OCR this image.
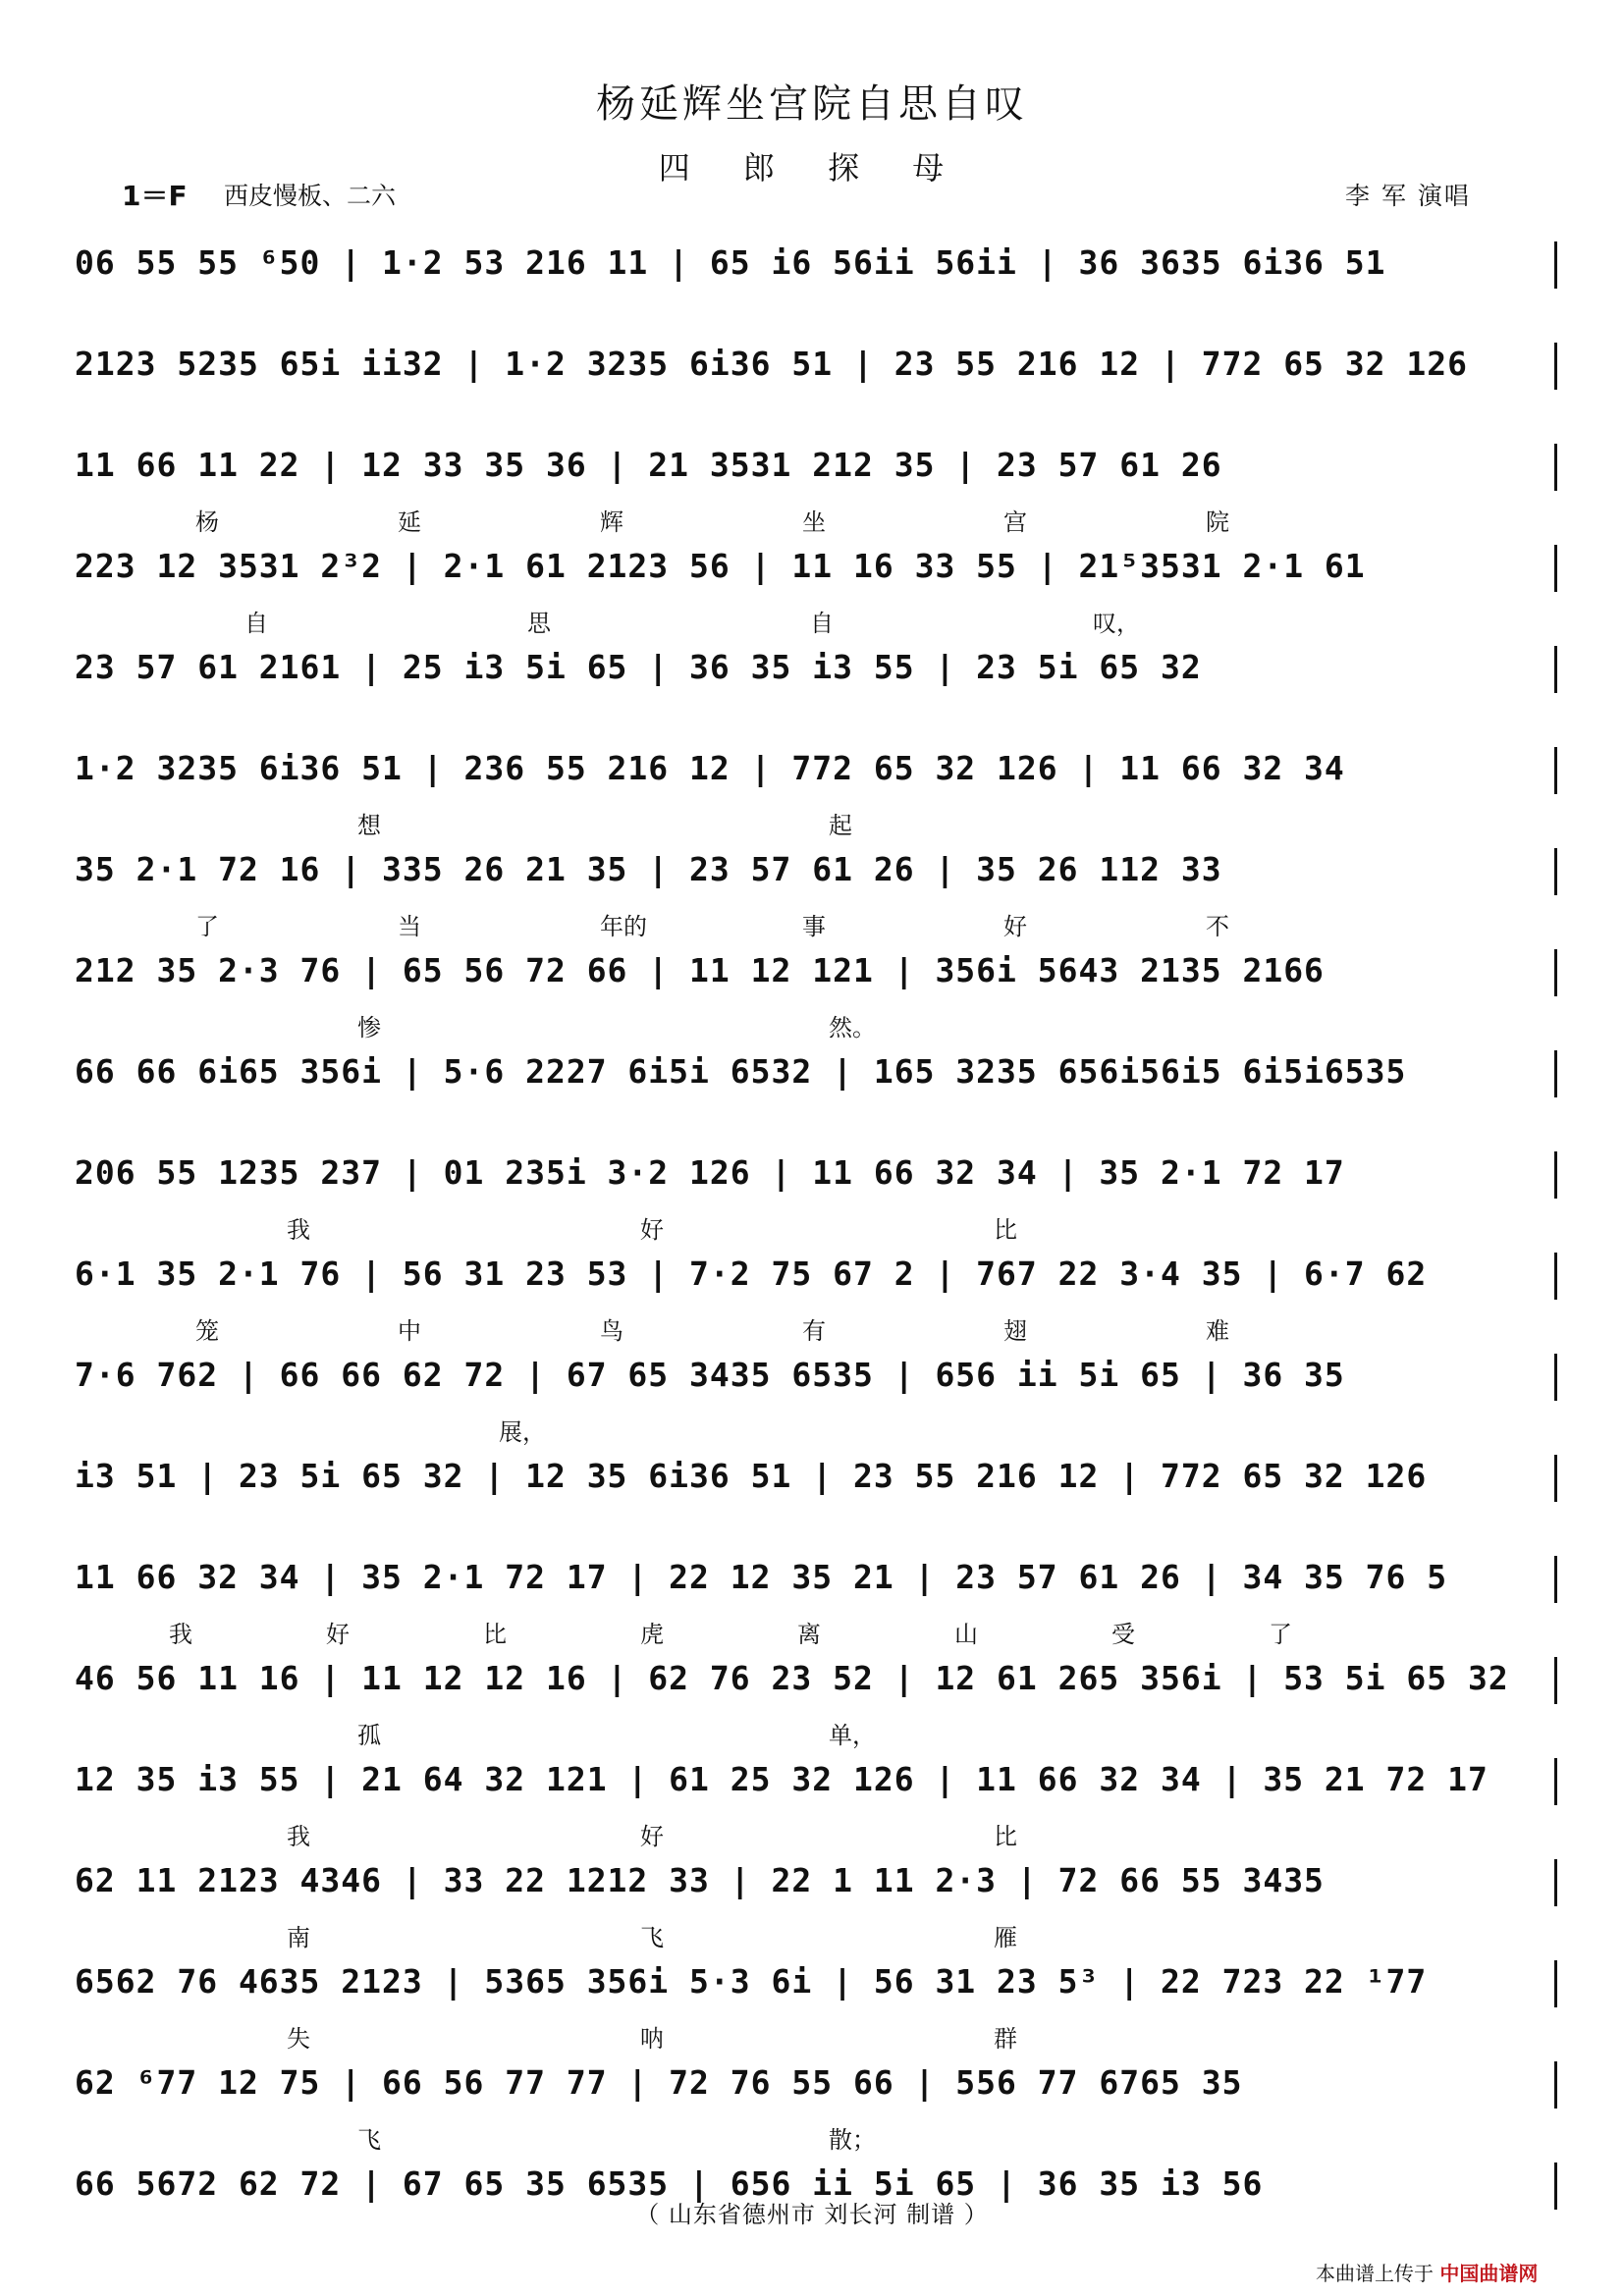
杨延辉坐宫院自思自叹
四 郎 探 母
1＝F 西皮慢板、二六	李 军 演唱
06 55 55 ⁶50 | 1·2 53 216 11 | 65 i6 56ii 56ii | 36 3635 6i36 51
2123 5235 65i ii32 | 1·2 3235 6i36 51 | 23 55 216 12 | 772 65 32 126
11 66 11 22 | 12 33 35 36 | 21 3531 212 35 | 23 57 61 26
杨	延	辉	坐	宫	院
223 12 3531 2³2 | 2·1 61 2123 56 | 11 16 33 55 | 21⁵3531 2·1 61
自	思	自	叹，
23 57 61 2161 | 25 i3 5i 65 | 36 35 i3 55 | 23 5i 65 32
1·2 3235 6i36 51 | 236 55 216 12 | 772 65 32 126 | 11 66 32 34
想	起
35 2·1 72 16 | 335 26 21 35 | 23 57 61 26 | 35 26 112 33
了	当	年的	事	好	不
212 35 2·3 76 | 65 56 72 66 | 11 12 121 | 356i 5643 2135 2166
惨	然。
66 66 6i65 356i | 5·6 2227 6i5i 6532 | 165 3235 656i56i5 6i5i6535
206 55 1235 237 | 01 235i 3·2 126 | 11 66 32 34 | 35 2·1 72 17
我	好	比
6·1 35 2·1 76 | 56 31 23 53 | 7·2 75 67 2 | 767 22 3·4 35 | 6·7 62
笼	中	鸟	有	翅	难
7·6 762 | 66 66 62 72 | 67 65 3435 6535 | 656 ii 5i 65 | 36 35
展，
i3 51 | 23 5i 65 32 | 12 35 6i36 51 | 23 55 216 12 | 772 65 32 126
11 66 32 34 | 35 2·1 72 17 | 22 12 35 21 | 23 57 61 26 | 34 35 76 5
我	好	比	虎	离	山	受	了
46 56 11 16 | 11 12 12 16 | 62 76 23 52 | 12 61 265 356i | 53 5i 65 32
孤	单，
12 35 i3 55 | 21 64 32 121 | 61 25 32 126 | 11 66 32 34 | 35 21 72 17
我	好	比
62 11 2123 4346 | 33 22 1212 33 | 22 1 11 2·3 | 72 66 55 3435
南	飞	雁
6562 76 4635 2123 | 5365 356i 5·3 6i | 56 31 23 5³ | 22 723 22 ¹77
失	呐	群
62 ⁶77 12 75 | 66 56 77 77 | 72 76 55 66 | 556 77 6765 35
飞	散；
66 5672 62 72 | 67 65 35 6535 | 656 ii 5i 65 | 36 35 i3 56
（ 山东省德州市 刘长河 制谱 ）
本曲谱上传于 中国曲谱网
